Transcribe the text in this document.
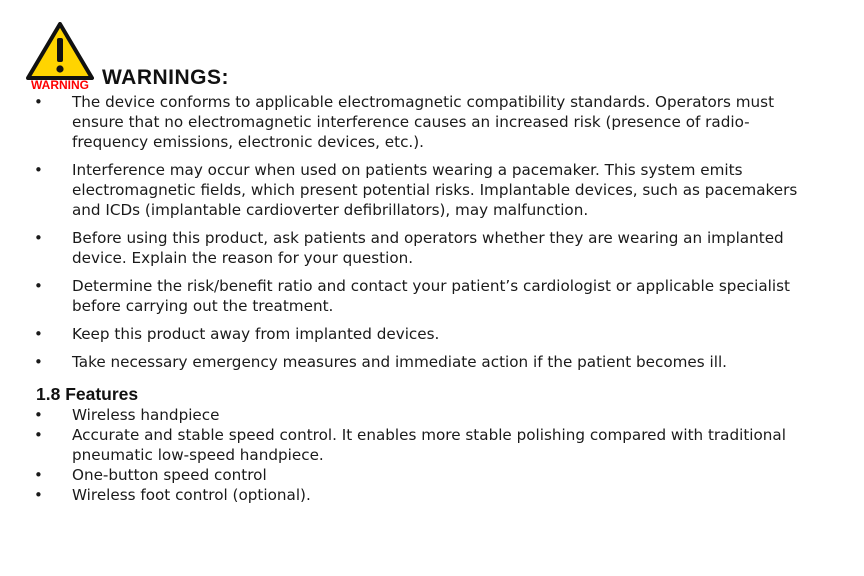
WARNING WARNINGS:
• The device conforms to applicable electromagnetic compatibility standards. Operators must ensure that no electromagnetic interference causes an increased risk (presence of radio-frequency emissions, electronic devices, etc.).
• Interference may occur when used on patients wearing a pacemaker. This system emits electromagnetic fields, which present potential risks. Implantable devices, such as pacemakers and ICDs (implantable cardioverter defibrillators), may malfunction.
• Before using this product, ask patients and operators whether they are wearing an implanted device. Explain the reason for your question.
• Determine the risk/benefit ratio and contact your patient’s cardiologist or applicable specialist before carrying out the treatment.
• Keep this product away from implanted devices.
• Take necessary emergency measures and immediate action if the patient becomes ill.
1.8 Features
• Wireless handpiece
• Accurate and stable speed control. It enables more stable polishing compared with traditional pneumatic low-speed handpiece.
• One-button speed control
• Wireless foot control (optional).
